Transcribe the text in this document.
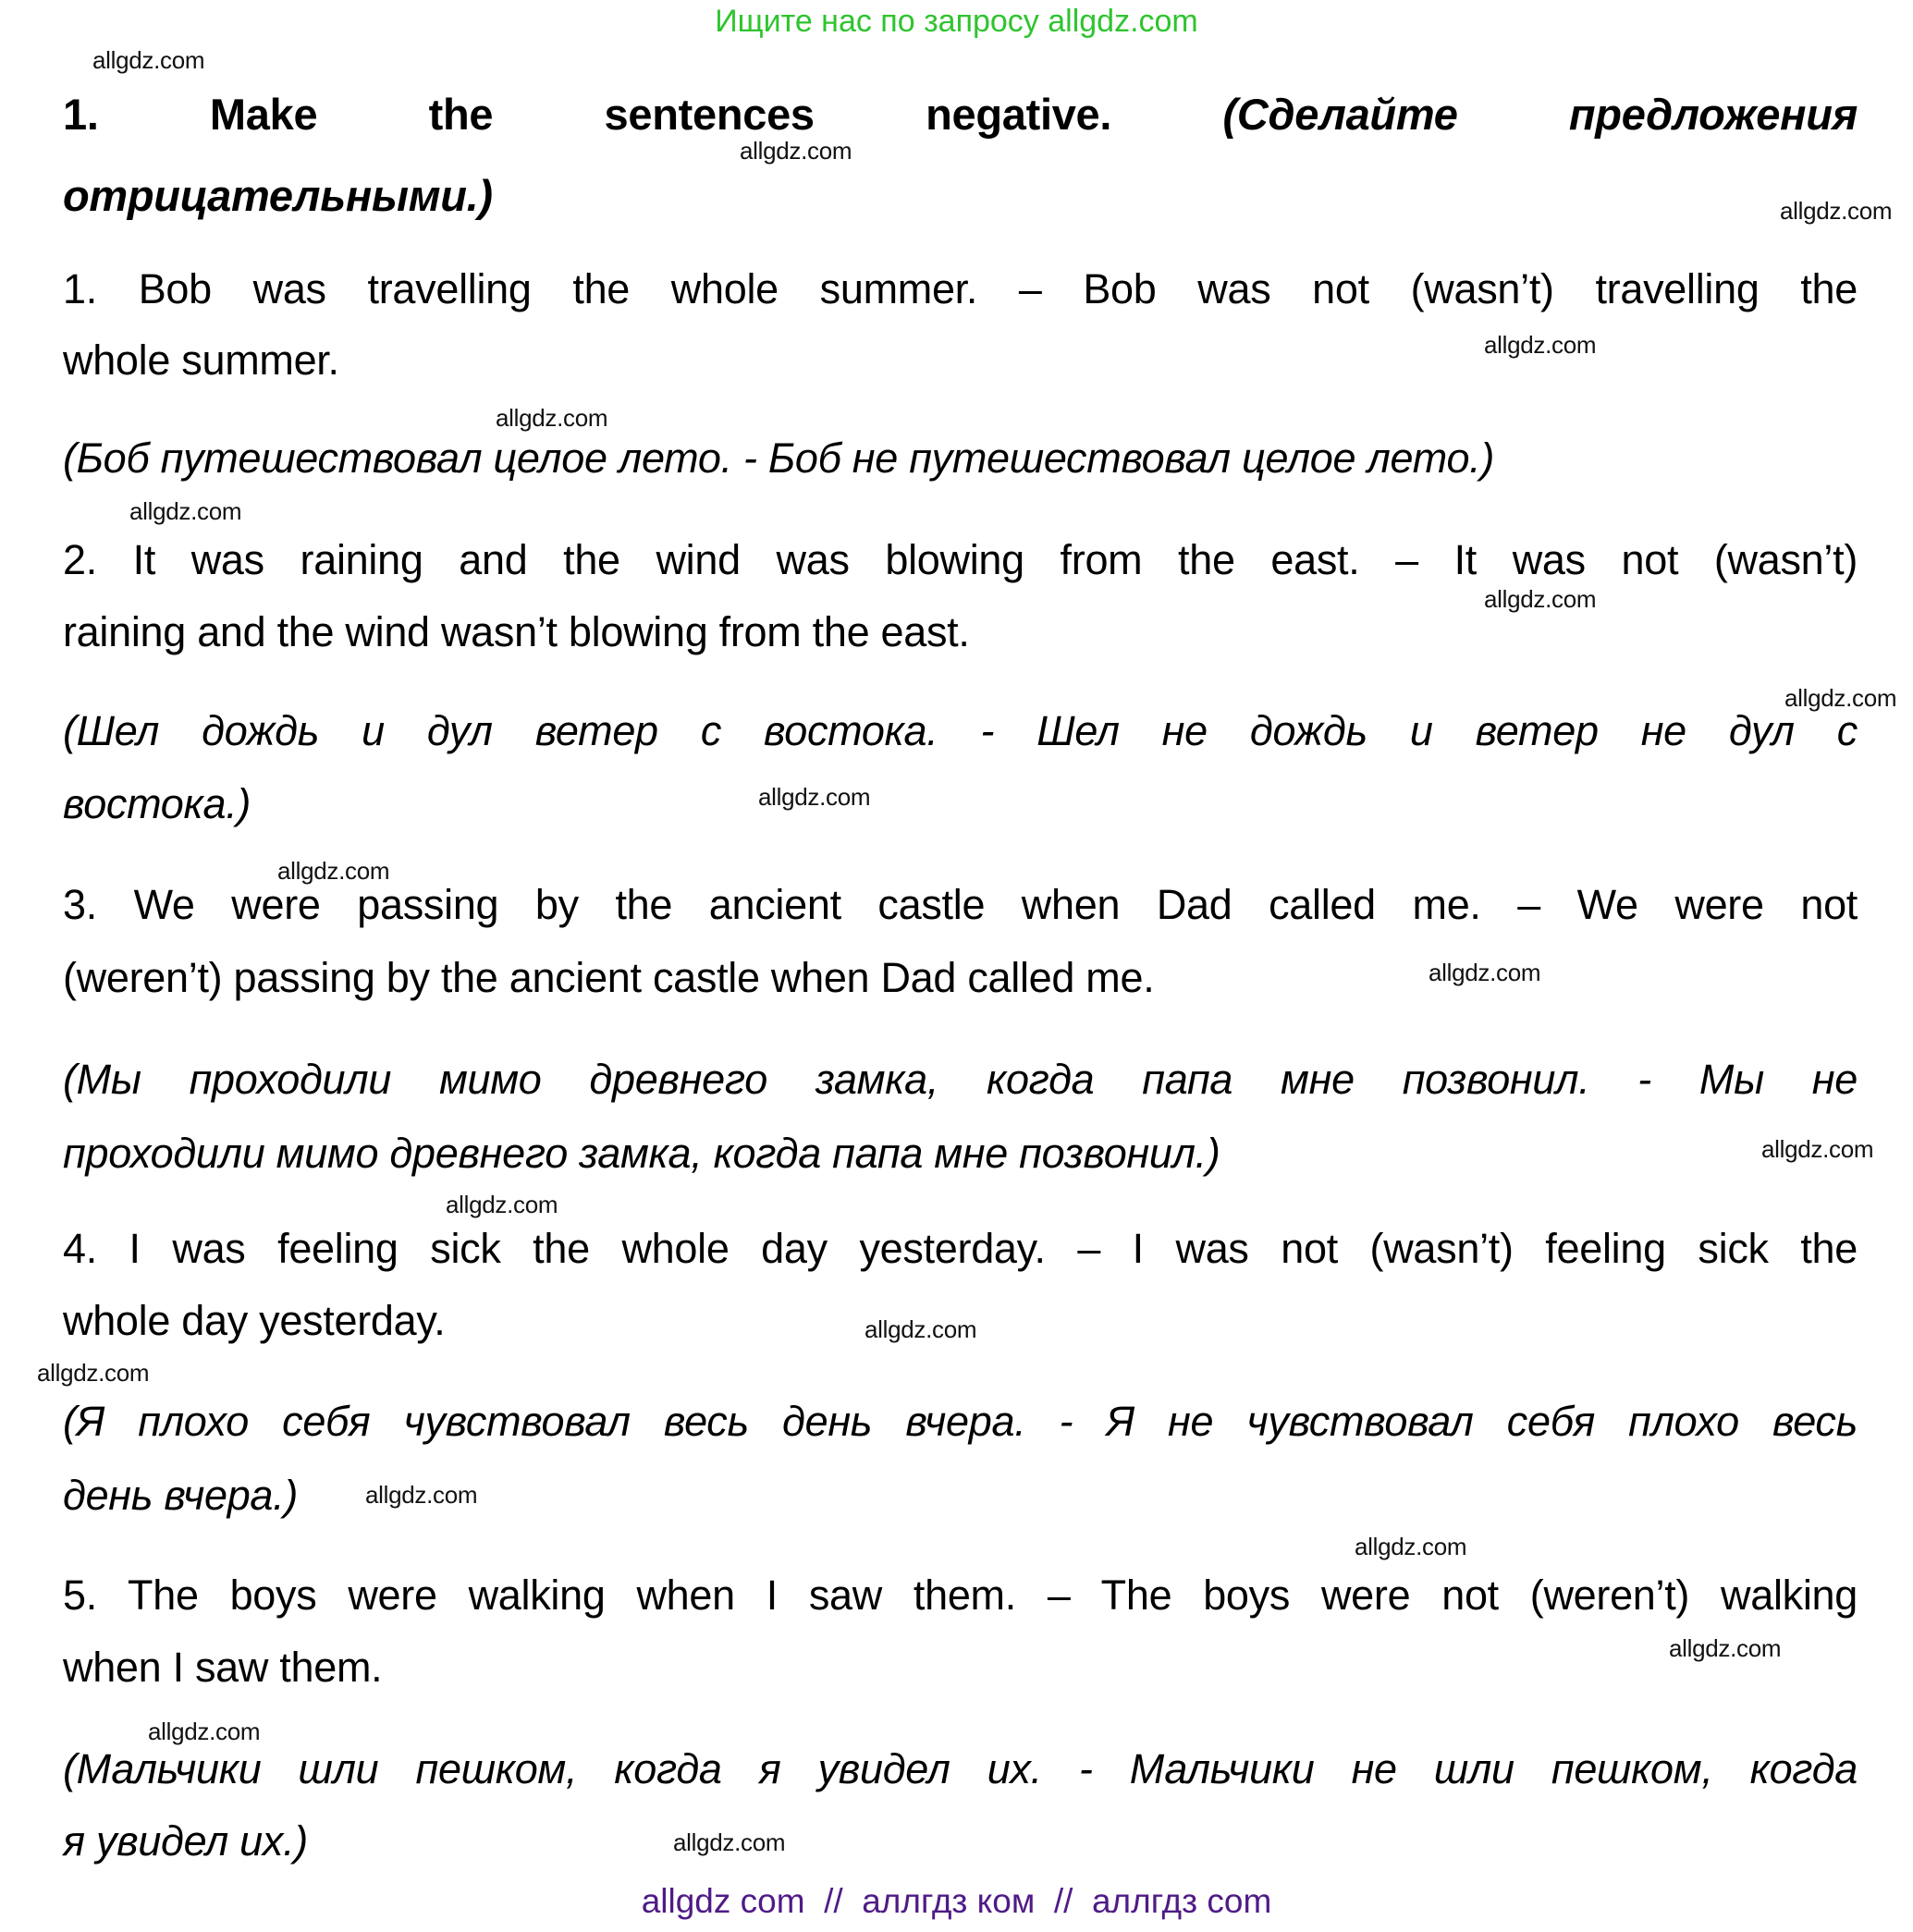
Ищите нас по запросу allgdz.com
1. Make the sentences negative.	(Сделайте предложения
отрицательными.)
1. Bob was travelling the whole summer. – Bob was not (wasn’t) travelling the
whole summer.
(Боб путешествовал целое лето. - Боб не путешествовал целое лето.)
2. It was raining and the wind was blowing from the east. – It was not (wasn’t)
raining and the wind wasn’t blowing from the east.
(Шел дождь и дул ветер с востока. - Шел не дождь и ветер не дул с
востока.)
3. We were passing by the ancient castle when Dad called me. – We were not
(weren’t) passing by the ancient castle when Dad called me.
(Мы проходили мимо древнего замка, когда папа мне позвонил. - Мы не
проходили мимо древнего замка, когда папа мне позвонил.)
4. I was feeling sick the whole day yesterday. – I was not (wasn’t) feeling sick the
whole day yesterday.
(Я плохо себя чувствовал весь день вчера. - Я не чувствовал себя плохо весь
день вчера.)
5. The boys were walking when I saw them. – The boys were not (weren’t) walking
when I saw them.
(Мальчики шли пешком, когда я увидел их. - Мальчики не шли пешком, когда
я увидел их.)
allgdz.com
allgdz.com
allgdz.com
allgdz.com
allgdz.com
allgdz.com
allgdz.com
allgdz.com
allgdz.com
allgdz.com
allgdz.com
allgdz.com
allgdz.com
allgdz.com
allgdz.com
allgdz.com
allgdz.com
allgdz.com
allgdz.com
allgdz.com
allgdz com  //  аллгдз ком  //  аллгдз com
